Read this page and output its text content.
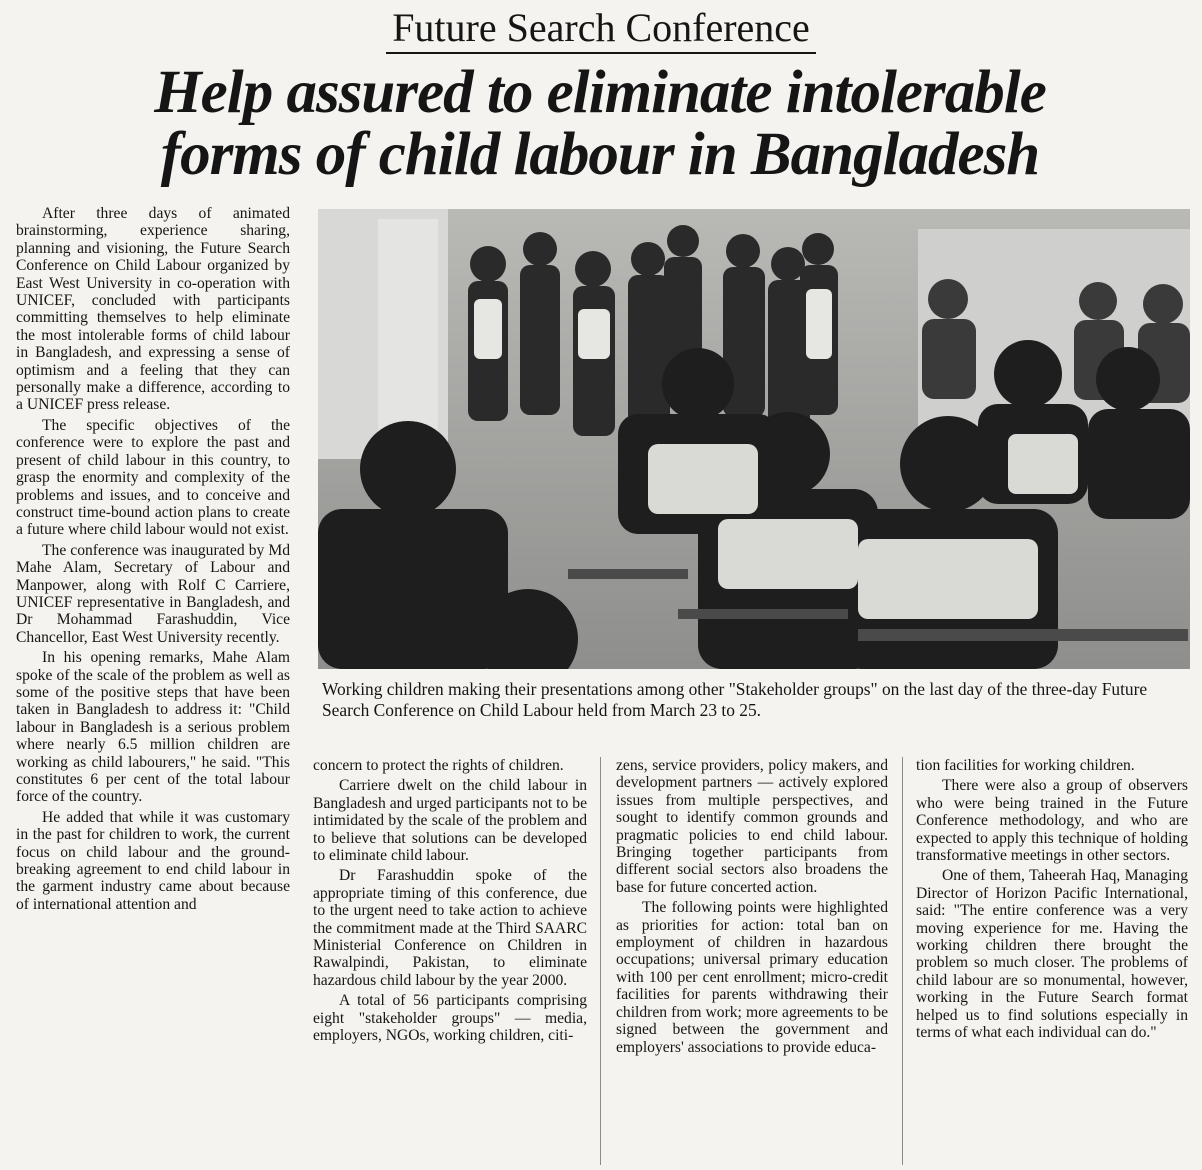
Future Search Conference
Help assured to eliminate intolerable
forms of child labour in Bangladesh

After three days of animated brainstorming, experience sharing, planning and visioning, the Future Search Conference on Child Labour organized by East West University in co-operation with UNICEF, concluded with participants committing themselves to help eliminate the most intolerable forms of child labour in Bangladesh, and expressing a sense of optimism and a feeling that they can personally make a difference, according to a UNICEF press release.

The specific objectives of the conference were to explore the past and present of child labour in this country, to grasp the enormity and complexity of the problems and issues, and to conceive and construct time-bound action plans to create a future where child labour would not exist.

The conference was inaugurated by Md Mahe Alam, Secretary of Labour and Manpower, along with Rolf C Carriere, UNICEF representative in Bangladesh, and Dr Mohammad Farashuddin, Vice Chancellor, East West University recently.

In his opening remarks, Mahe Alam spoke of the scale of the problem as well as some of the positive steps that have been taken in Bangladesh to address it: "Child labour in Bangladesh is a serious problem where nearly 6.5 million children are working as child labourers," he said. "This constitutes 6 per cent of the total labour force of the country.

He added that while it was customary in the past for children to work, the current focus on child labour and the ground-breaking agreement to end child labour in the garment industry came about because of international attention and

Working children making their presentations among other "Stakeholder groups" on the last day of the three-day Future Search Conference on Child Labour held from March 23 to 25.

concern to protect the rights of children.

Carriere dwelt on the child labour in Bangladesh and urged participants not to be intimidated by the scale of the problem and to believe that solutions can be developed to eliminate child labour.

Dr Farashuddin spoke of the appropriate timing of this conference, due to the urgent need to take action to achieve the commitment made at the Third SAARC Ministerial Conference on Children in Rawalpindi, Pakistan, to eliminate hazardous child labour by the year 2000.

A total of 56 participants comprising eight "stakeholder groups" — media, employers, NGOs, working children, citi-

zens, service providers, policy makers, and development partners — actively explored issues from multiple perspectives, and sought to identify common grounds and pragmatic policies to end child labour. Bringing together participants from different social sectors also broadens the base for future concerted action.

The following points were highlighted as priorities for action: total ban on employment of children in hazardous occupations; universal primary education with 100 per cent enrollment; micro-credit facilities for parents withdrawing their children from work; more agreements to be signed between the government and employers' associations to provide educa-

tion facilities for working children.

There were also a group of observers who were being trained in the Future Conference methodology, and who are expected to apply this technique of holding transformative meetings in other sectors.

One of them, Taheerah Haq, Managing Director of Horizon Pacific International, said: "The entire conference was a very moving experience for me. Having the working children there brought the problem so much closer. The problems of child labour are so monumental, however, working in the Future Search format helped us to find solutions especially in terms of what each individual can do."
